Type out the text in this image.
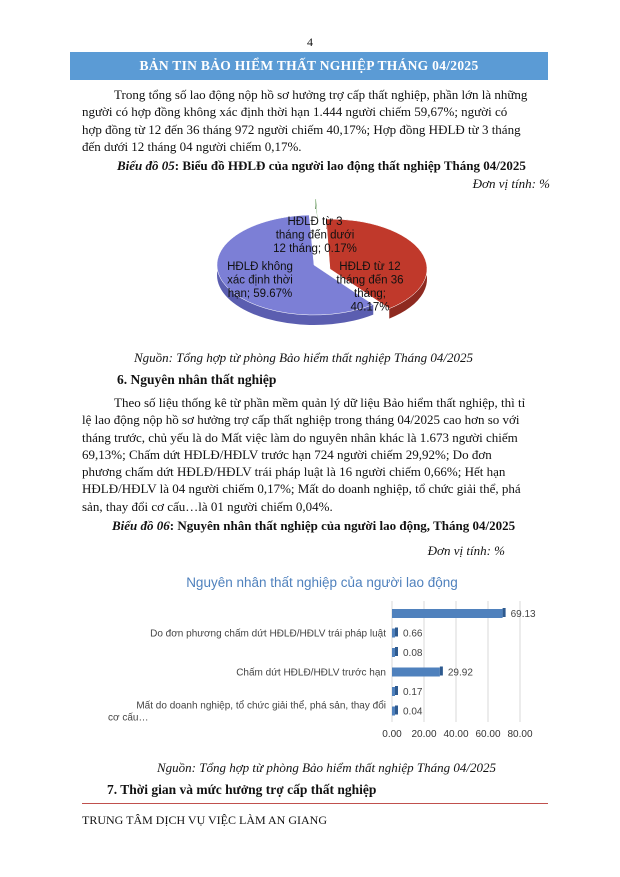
4
BẢN TIN BẢO HIỂM THẤT NGHIỆP THÁNG 04/2025
Trong tổng số lao động nộp hồ sơ hưởng trợ cấp thất nghiệp, phần lớn là những
người có hợp đồng không xác định thời hạn 1.444 người chiếm 59,67%; người có
hợp đồng từ 12 đến 36 tháng 972 người chiếm 40,17%; Hợp đồng HĐLĐ từ 3 tháng
đến dưới 12 tháng 04 người chiếm 0,17%.
Biểu đồ 05: Biểu đồ HĐLĐ của người lao động thất nghiệp Tháng 04/2025
Đơn vị tính: %
HĐLĐ không xác định thời hạn; 59.67%
HĐLĐ từ 12 tháng đến 36 tháng; 40.17%
HĐLĐ từ 3 tháng đến dưới 12 tháng; 0.17%
Nguồn: Tổng hợp từ phòng Bảo hiểm thất nghiệp Tháng 04/2025
6. Nguyên nhân thất nghiệp
Theo số liệu thống kê từ phần mềm quản lý dữ liệu Bảo hiểm thất nghiệp, thì tỉ
lệ lao động nộp hồ sơ hưởng trợ cấp thất nghiệp trong tháng 04/2025 cao hơn so với
tháng trước, chủ yếu là do Mất việc làm do nguyên nhân khác là 1.673 người chiếm
69,13%; Chấm dứt HĐLĐ/HĐLV trước hạn 724 người chiếm 29,92%; Do đơn
phương chấm dứt HĐLĐ/HĐLV trái pháp luật là 16 người chiếm 0,66%; Hết hạn
HĐLĐ/HĐLV là 04 người chiếm 0,17%; Mất do doanh nghiệp, tổ chức giải thể, phá
sản, thay đổi cơ cấu…là 01 người chiếm 0,04%.
Biểu đồ 06: Nguyên nhân thất nghiệp của người lao động, Tháng 04/2025
Đơn vị tính: %
Nguyên nhân thất nghiệp của người lao động
69.13
0.66
0.08
29.92
0.17
0.04
Do đơn phương chấm dứt HĐLĐ/HĐLV trái pháp luật
Chấm dứt HĐLĐ/HĐLV trước hạn
Mất do doanh nghiệp, tổ chức giải thể, phá sản, thay đổi cơ cấu…
0.00 20.00 40.00 60.00 80.00
Nguồn: Tổng hợp từ phòng Bảo hiểm thất nghiệp Tháng 04/2025
7. Thời gian và mức hưởng trợ cấp thất nghiệp
TRUNG TÂM DỊCH VỤ VIỆC LÀM AN GIANG
